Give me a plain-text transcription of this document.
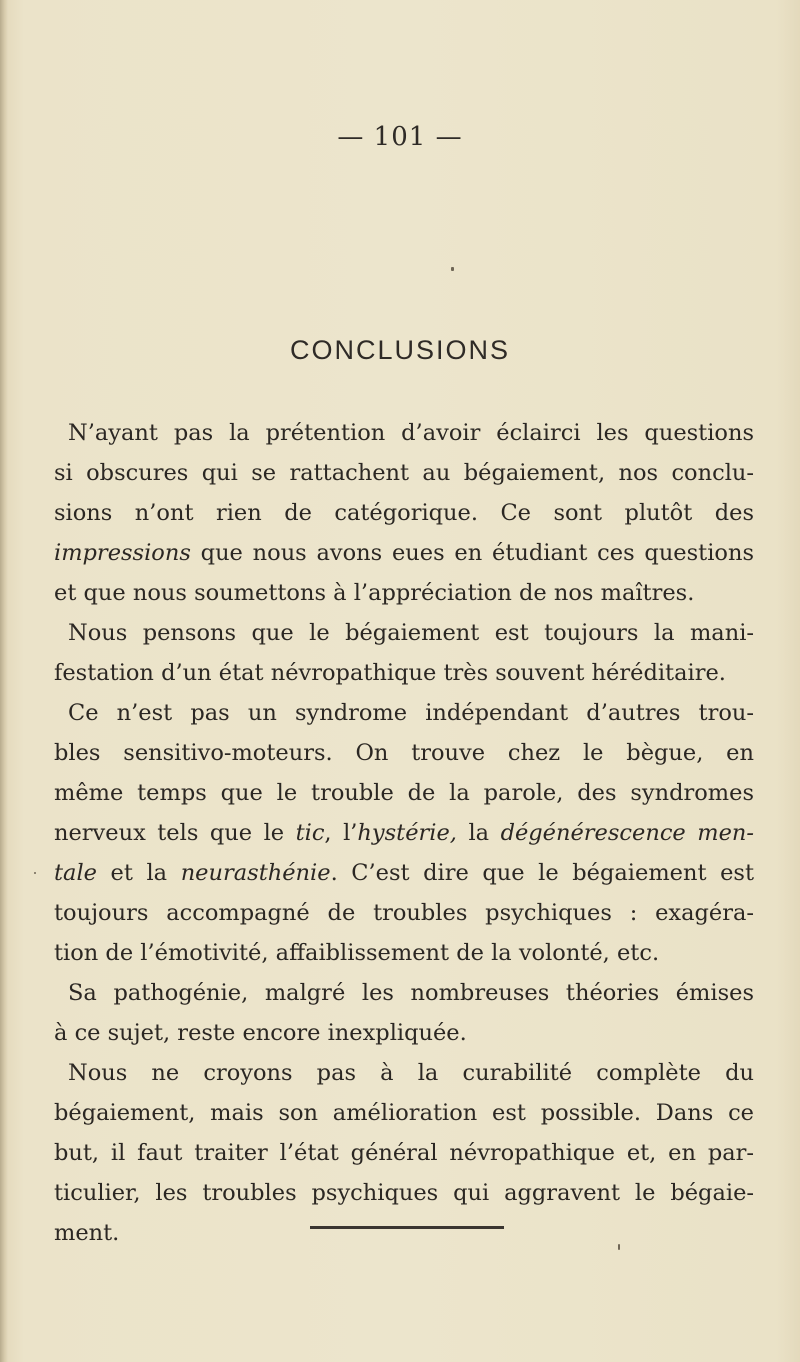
— 101 —
CONCLUSIONS
N’ayant pas la prétention d’avoir éclairci les questions
si obscures qui se rattachent au bégaiement, nos conclu-
sions n’ont rien de catégorique. Ce sont plutôt des
impressions que nous avons eues en étudiant ces questions
et que nous soumettons à l’appréciation de nos maîtres.
Nous pensons que le bégaiement est toujours la mani-
festation d’un état névropathique très souvent héréditaire.
Ce n’est pas un syndrome indépendant d’autres trou-
bles sensitivo-moteurs. On trouve chez le bègue, en
même temps que le trouble de la parole, des syndromes
nerveux tels que le tic, l’hystérie, la dégénérescence men-
tale et la neurasthénie. C’est dire que le bégaiement est
toujours accompagné de troubles psychiques : exagéra-
tion de l’émotivité, affaiblissement de la volonté, etc.
Sa pathogénie, malgré les nombreuses théories émises
à ce sujet, reste encore inexpliquée.
Nous ne croyons pas à la curabilité complète du
bégaiement, mais son amélioration est possible. Dans ce
but, il faut traiter l’état général névropathique et, en par-
ticulier, les troubles psychiques qui aggravent le bégaie-
ment.
